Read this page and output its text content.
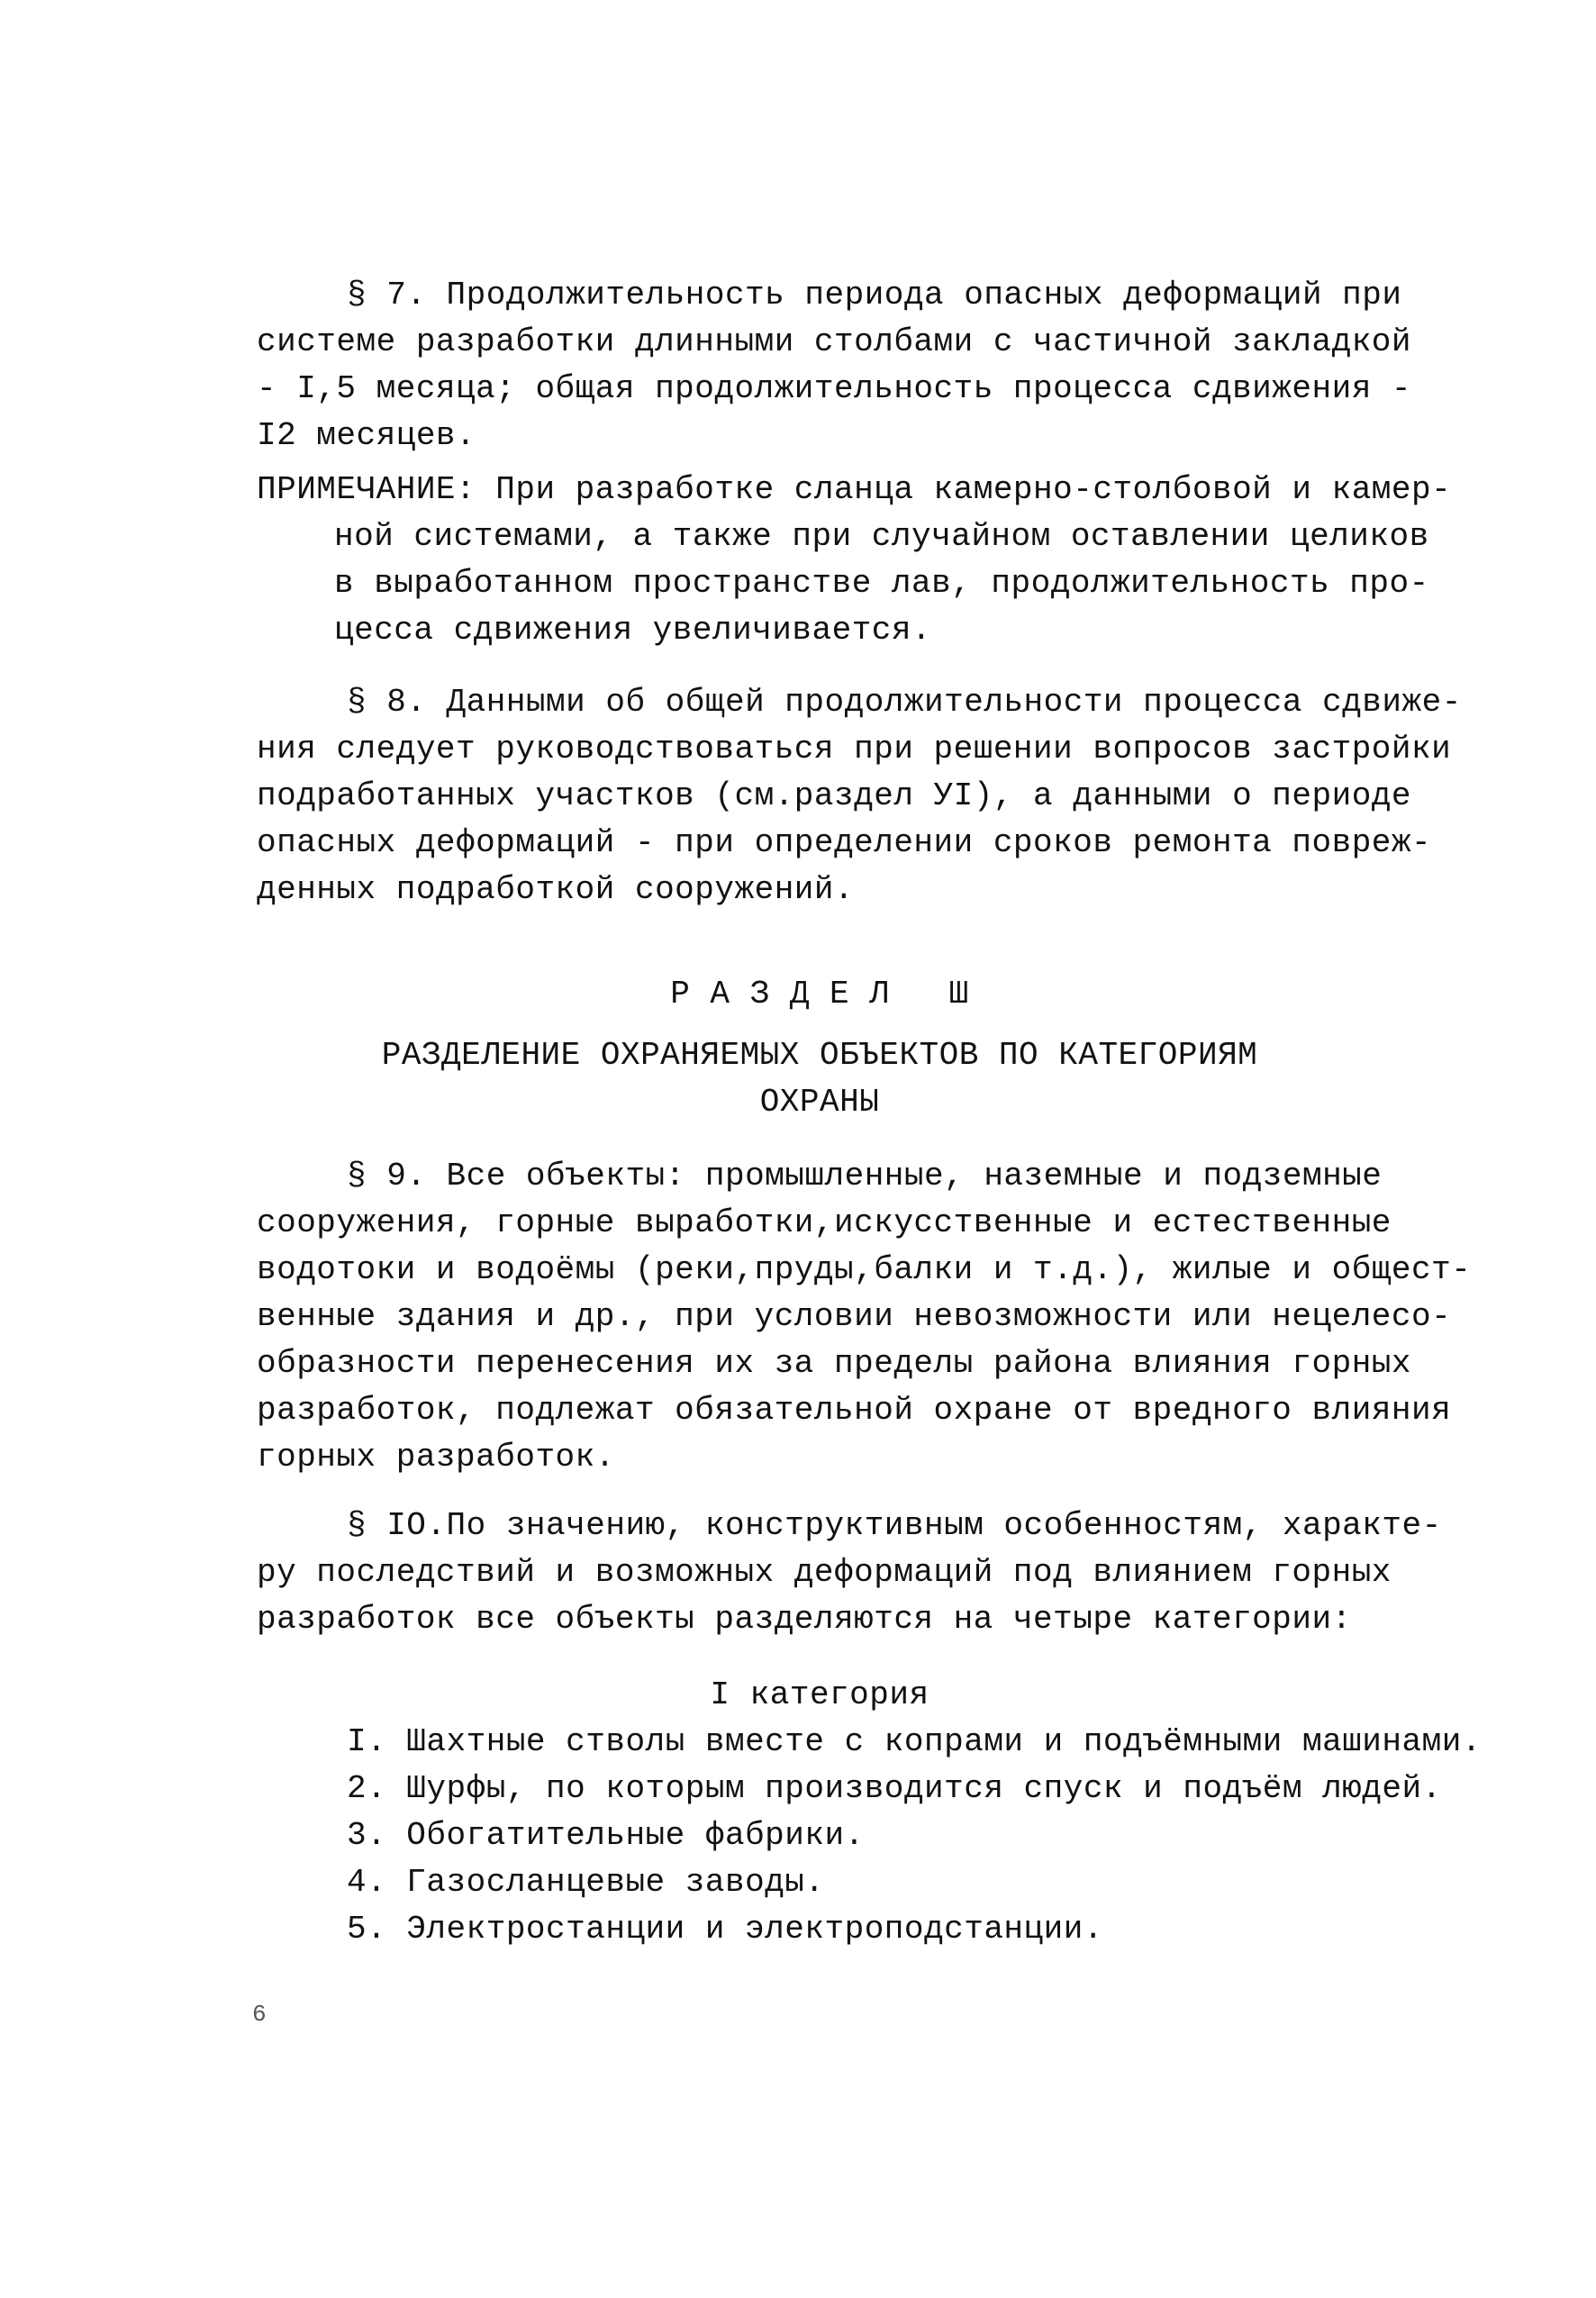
§ 7. Продолжительность периода опасных деформаций при
системе разработки длинными столбами с частичной закладкой
- I,5 месяца; общая продолжительность процесса сдвижения -
I2 месяцев.
ПРИМЕЧАНИЕ: При разработке сланца камерно-столбовой и камер-
ной системами, а также при случайном оставлении целиков
в выработанном пространстве лав, продолжительность про-
цесса сдвижения увеличивается.
§ 8. Данными об общей продолжительности процесса сдвиже-
ния следует руководствоваться при решении вопросов застройки
подработанных участков (см.раздел УI), а данными о периоде
опасных деформаций - при определении сроков ремонта повреж-
денных подработкой сооружений.
Р А З Д Е Л   Ш
РАЗДЕЛЕНИЕ ОХРАНЯЕМЫХ ОБЪЕКТОВ ПО КАТЕГОРИЯМ
ОХРАНЫ
§ 9. Все объекты: промышленные, наземные и подземные
сооружения, горные выработки,искусственные и естественные
водотоки и водоёмы (реки,пруды,балки и т.д.), жилые и общест-
венные здания и др., при условии невозможности или нецелесо-
образности перенесения их за пределы района влияния горных
разработок, подлежат обязательной охране от вредного влияния
горных разработок.
§ IO.По значению, конструктивным особенностям, характе-
ру последствий и возможных деформаций под влиянием горных
разработок все объекты разделяются на четыре категории:
I категория
I. Шахтные стволы вместе с копрами и подъёмными машинами.
2. Шурфы, по которым производится спуск и подъём людей.
3. Обогатительные фабрики.
4. Газосланцевые заводы.
5. Электростанции и электроподстанции.
6
